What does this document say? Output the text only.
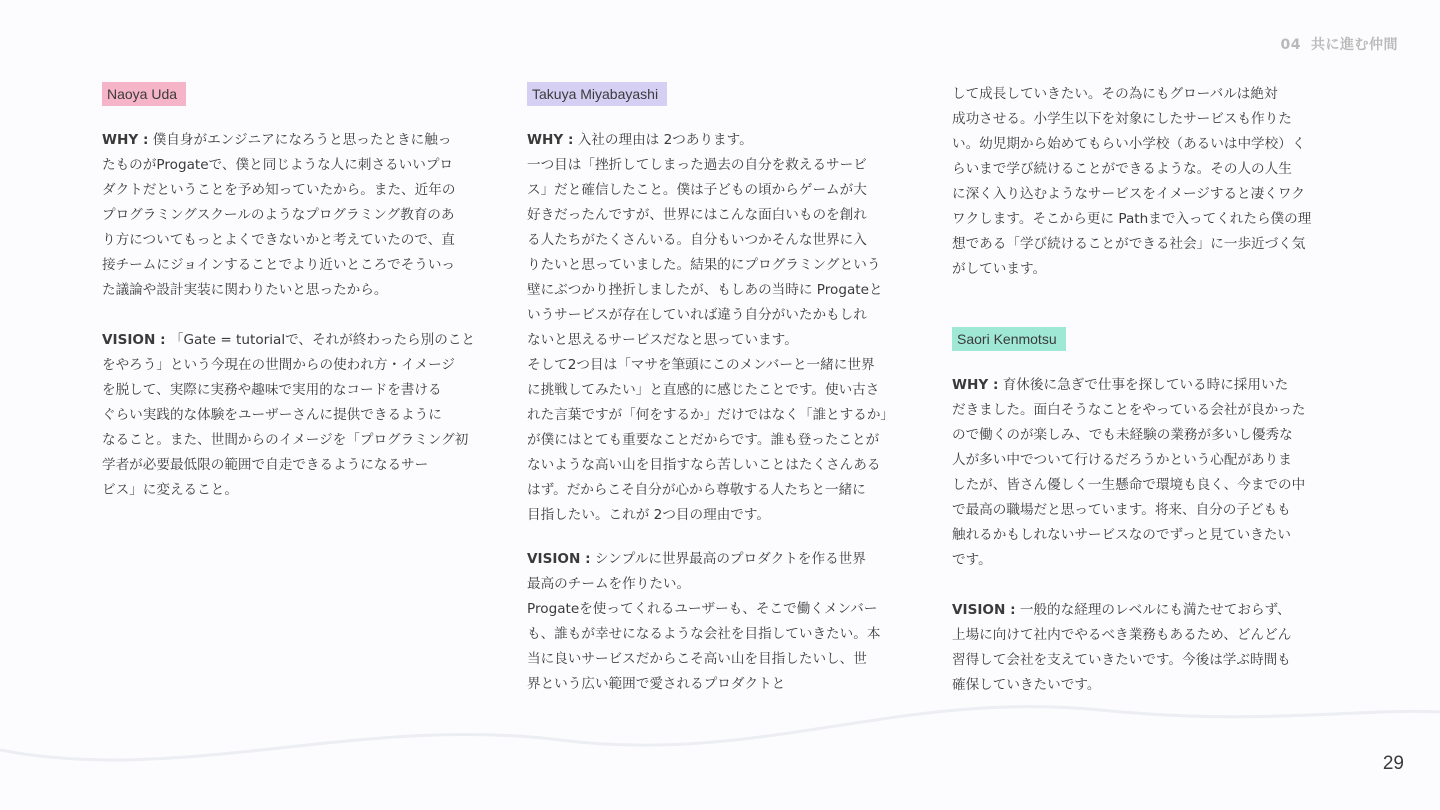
04 共に進む仲間
Naoya Uda

WHY : 僕自身がエンジニアになろうと思ったときに触っ
たものがProgateで、僕と同じような人に刺さるいいプロ
ダクトだということを予め知っていたから。また、近年の
プログラミングスクールのようなプログラミング教育のあ
り方についてもっとよくできないかと考えていたので、直
接チームにジョインすることでより近いところでそういっ
た議論や設計実装に関わりたいと思ったから。

VISION : 「Gate = tutorialで、それが終わったら別のこと
をやろう」という今現在の世間からの使われ方・イメージ
を脱して、実際に実務や趣味で実用的なコードを書ける
ぐらい実践的な体験をユーザーさんに提供できるように
なること。また、世間からのイメージを「プログラミング初
学者が必要最低限の範囲で自走できるようになるサー
ビス」に変えること。

Takuya Miyabayashi

WHY : 入社の理由は 2つあります。
一つ目は「挫折してしまった過去の自分を救えるサービ
ス」だと確信したこと。僕は子どもの頃からゲームが大
好きだったんですが、世界にはこんな面白いものを創れ
る人たちがたくさんいる。自分もいつかそんな世界に入
りたいと思っていました。結果的にプログラミングという
壁にぶつかり挫折しましたが、もしあの当時に Progateと
いうサービスが存在していれば違う自分がいたかもしれ
ないと思えるサービスだなと思っています。
そして2つ目は「マサを筆頭にこのメンバーと一緒に世界
に挑戦してみたい」と直感的に感じたことです。使い古さ
れた言葉ですが「何をするか」だけではなく「誰とするか」
が僕にはとても重要なことだからです。誰も登ったことが
ないような高い山を目指すなら苦しいことはたくさんある
はず。だからこそ自分が心から尊敬する人たちと一緒に
目指したい。これが 2つ目の理由です。

VISION : シンプルに世界最高のプロダクトを作る世界
最高のチームを作りたい。
Progateを使ってくれるユーザーも、そこで働くメンバー
も、誰もが幸せになるような会社を目指していきたい。本
当に良いサービスだからこそ高い山を目指したいし、世
界という広い範囲で愛されるプロダクトと

して成長していきたい。その為にもグローバルは絶対
成功させる。小学生以下を対象にしたサービスも作りた
い。幼児期から始めてもらい小学校（あるいは中学校）く
らいまで学び続けることができるような。その人の人生
に深く入り込むようなサービスをイメージすると凄くワク
ワクします。そこから更に Pathまで入ってくれたら僕の理
想である「学び続けることができる社会」に一歩近づく気
がしています。

Saori Kenmotsu

WHY : 育休後に急ぎで仕事を探している時に採用いた
だきました。面白そうなことをやっている会社が良かった
ので働くのが楽しみ、でも未経験の業務が多いし優秀な
人が多い中でついて行けるだろうかという心配がありま
したが、皆さん優しく一生懸命で環境も良く、今までの中
で最高の職場だと思っています。将来、自分の子どもも
触れるかもしれないサービスなのでずっと見ていきたい
です。

VISION : 一般的な経理のレベルにも満たせておらず、
上場に向けて社内でやるべき業務もあるため、どんどん
習得して会社を支えていきたいです。今後は学ぶ時間も
確保していきたいです。

29
